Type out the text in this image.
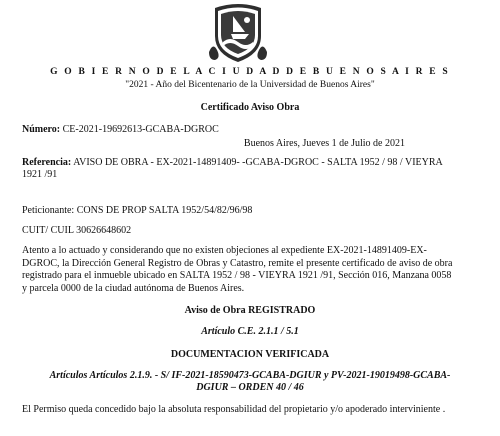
G O B I E R N O D E L A C I U D A D D E B U E N O S A I R E S
"2021 - Año del Bicentenario de la Universidad de Buenos Aires"
Certificado Aviso Obra
Número: CE-2021-19692613-GCABA-DGROC
Buenos Aires, Jueves 1 de Julio de 2021
Referencia: AVISO DE OBRA - EX-2021-14891409- -GCABA-DGROC - SALTA 1952 / 98 / VIEYRA
1921 /91
Peticionante: CONS DE PROP SALTA 1952/54/82/96/98
CUIT/ CUIL 30626648602
Atento a lo actuado y considerando que no existen objeciones al expediente EX-2021-14891409-EX-
DGROC, la Dirección General Registro de Obras y Catastro, remite el presente certificado de aviso de obra
registrado para el inmueble ubicado en SALTA 1952 / 98 - VIEYRA 1921 /91, Sección 016, Manzana 0058
y parcela 0000 de la ciudad autónoma de Buenos Aires.
Aviso de Obra REGISTRADO
Artículo C.E. 2.1.1 / 5.1
DOCUMENTACION VERIFICADA
Artículos Artículos 2.1.9. - S/ IF-2021-18590473-GCABA-DGIUR y PV-2021-19019498-GCABA-
DGIUR – ORDEN 40 / 46
El Permiso queda concedido bajo la absoluta responsabilidad del propietario y/o apoderado interviniente .
